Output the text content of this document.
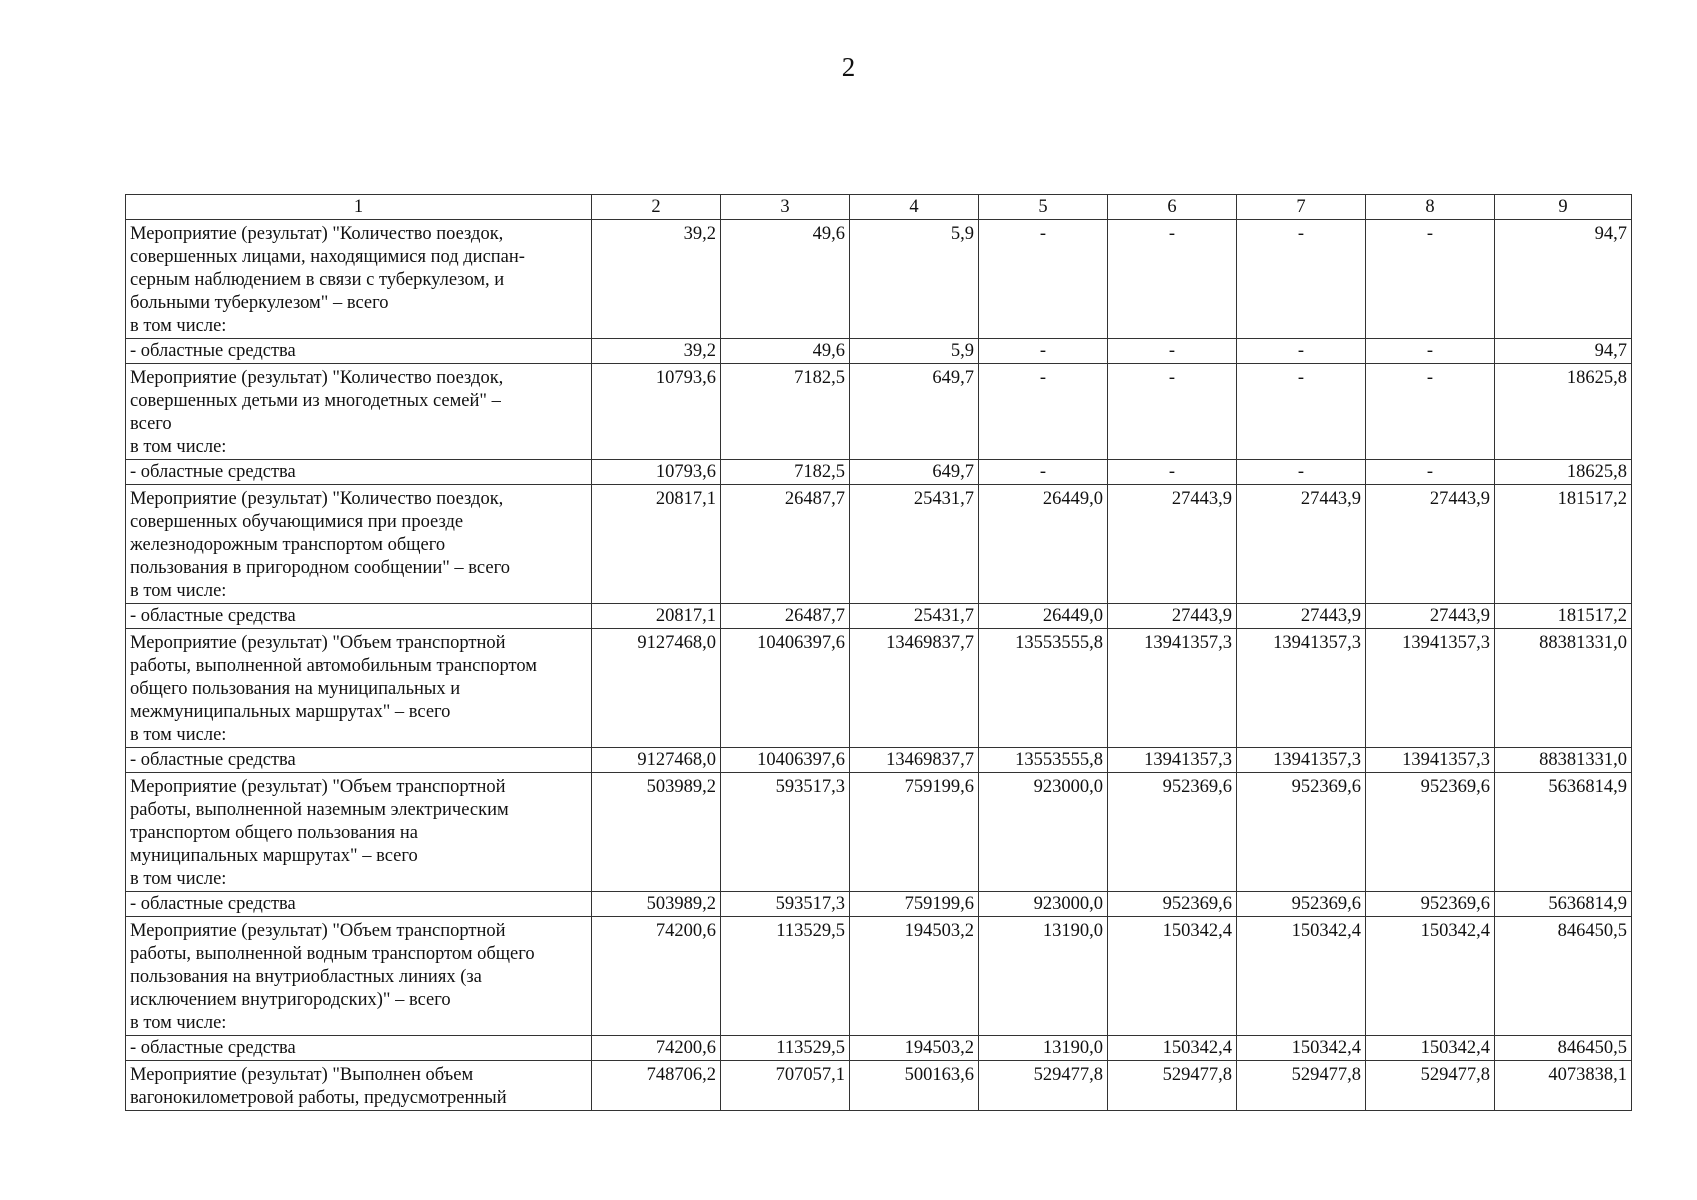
2
1	2	3	4	5	6	7	8	9
Мероприятие (результат) "Количество поездок,
совершенных лицами, находящимися под диспан-
серным наблюдением в связи с туберкулезом, и
больными туберкулезом" – всего
в том числе:	39,2	49,6	5,9	-	-	-	-	94,7
- областные средства	39,2	49,6	5,9	-	-	-	-	94,7
Мероприятие (результат) "Количество поездок,
совершенных детьми из многодетных семей" –
всего
в том числе:	10793,6	7182,5	649,7	-	-	-	-	18625,8
- областные средства	10793,6	7182,5	649,7	-	-	-	-	18625,8
Мероприятие (результат) "Количество поездок,
совершенных обучающимися при проезде
железнодорожным транспортом общего
пользования в пригородном сообщении" – всего
в том числе:	20817,1	26487,7	25431,7	26449,0	27443,9	27443,9	27443,9	181517,2
- областные средства	20817,1	26487,7	25431,7	26449,0	27443,9	27443,9	27443,9	181517,2
Мероприятие (результат) "Объем транспортной
работы, выполненной автомобильным транспортом
общего пользования на муниципальных и
межмуниципальных маршрутах" – всего
в том числе:	9127468,0	10406397,6	13469837,7	13553555,8	13941357,3	13941357,3	13941357,3	88381331,0
- областные средства	9127468,0	10406397,6	13469837,7	13553555,8	13941357,3	13941357,3	13941357,3	88381331,0
Мероприятие (результат) "Объем транспортной
работы, выполненной наземным электрическим
транспортом общего пользования на
муниципальных маршрутах" – всего
в том числе:	503989,2	593517,3	759199,6	923000,0	952369,6	952369,6	952369,6	5636814,9
- областные средства	503989,2	593517,3	759199,6	923000,0	952369,6	952369,6	952369,6	5636814,9
Мероприятие (результат) "Объем транспортной
работы, выполненной водным транспортом общего
пользования на внутриобластных линиях (за
исключением внутригородских)" – всего
в том числе:	74200,6	113529,5	194503,2	13190,0	150342,4	150342,4	150342,4	846450,5
- областные средства	74200,6	113529,5	194503,2	13190,0	150342,4	150342,4	150342,4	846450,5
Мероприятие (результат) "Выполнен объем
вагонокилометровой работы, предусмотренный	748706,2	707057,1	500163,6	529477,8	529477,8	529477,8	529477,8	4073838,1
